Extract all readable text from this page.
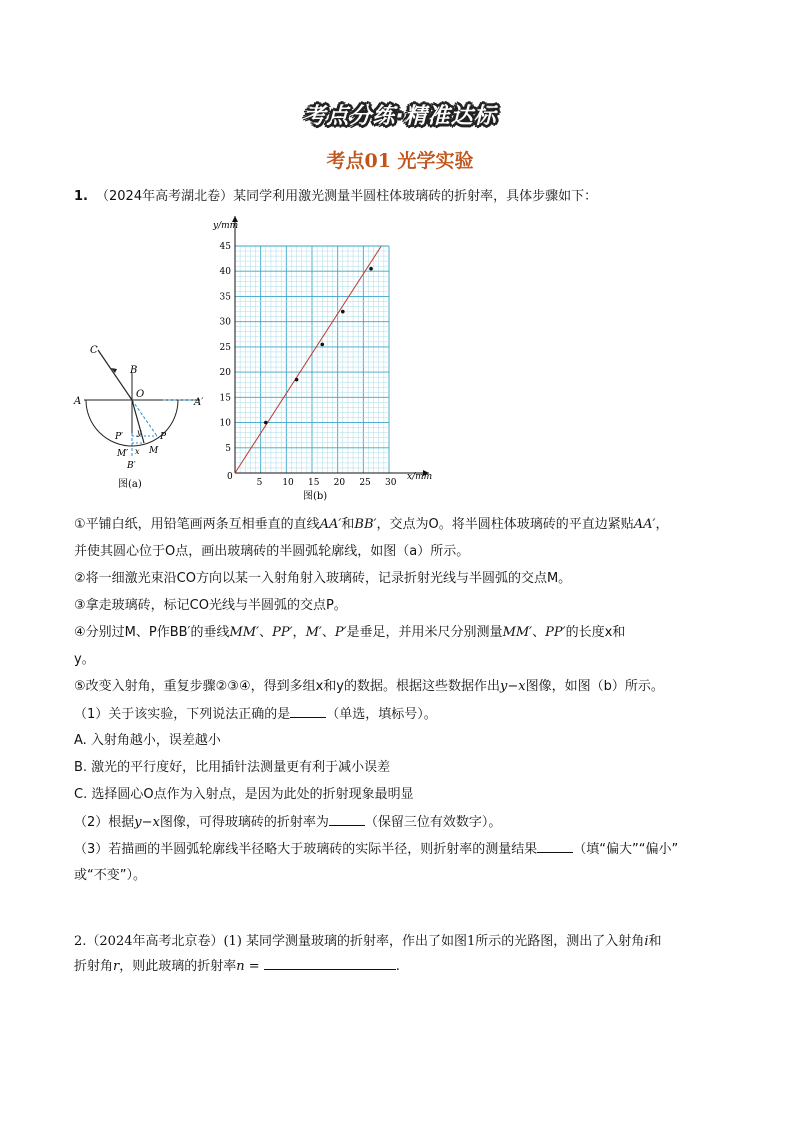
考点分练·精准达标
考点01 光学实验
1. （2024年高考湖北卷）某同学利用激光测量半圆柱体玻璃砖的折射率，具体步骤如下：
C
B
O
A	A′
P′ y P
M′ x M
B′
图(a)	5 10 15 20 25 30
5
10
15
20
25
30
35
40
45
y/mm
x/mm
0
图(b)
①平铺白纸，用铅笔画两条互相垂直的直线AA′和BB′，交点为O。将半圆柱体玻璃砖的平直边紧贴AA′，
并使其圆心位于O点，画出玻璃砖的半圆弧轮廓线，如图（a）所示。
②将一细激光束沿CO方向以某一入射角射入玻璃砖，记录折射光线与半圆弧的交点M。
③拿走玻璃砖，标记CO光线与半圆弧的交点P。
④分别过M、P作BB′的垂线MM′、PP′，M′、P′是垂足，并用米尺分别测量MM′、PP′的长度x和
y。
⑤改变入射角，重复步骤②③④，得到多组x和y的数据。根据这些数据作出y−x图像，如图（b）所示。
（1）关于该实验，下列说法正确的是	（单选，填标号）。
A. 入射角越小，误差越小
B. 激光的平行度好，比用插针法测量更有利于减小误差
C. 选择圆心O点作为入射点，是因为此处的折射现象最明显
（2）根据y−x图像，可得玻璃砖的折射率为	（保留三位有效数字）。
（3）若描画的半圆弧轮廓线半径略大于玻璃砖的实际半径，则折射率的测量结果	（填“偏大”“偏小”
或“不变”）。
2.（2024年高考北京卷）(1) 某同学测量玻璃的折射率，作出了如图1所示的光路图，测出了入射角i和
折射角r，则此玻璃的折射率n =	.
